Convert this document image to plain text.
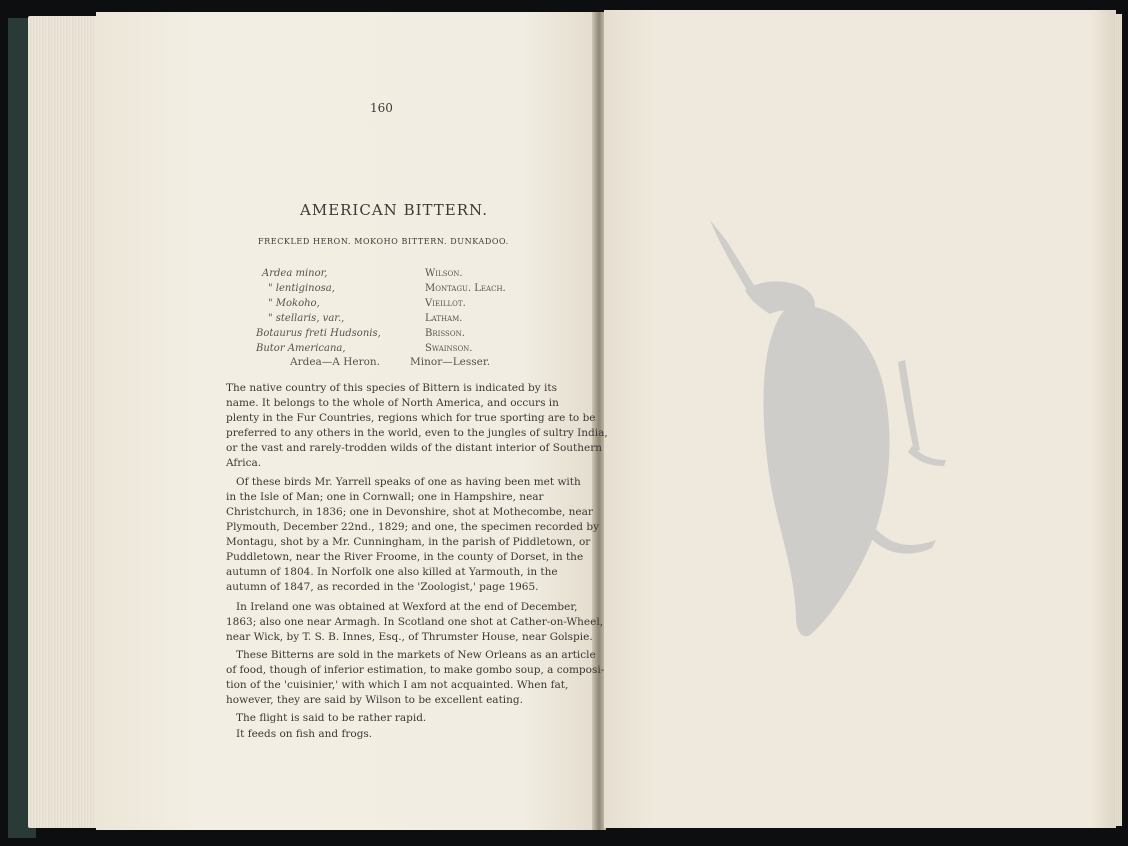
160
AMERICAN BITTERN.
FRECKLED HERON. MOKOHO BITTERN. DUNKADOO.
Ardea minor,	Wilson.
" lentiginosa,	Montagu. Leach.
" Mokoho,	Vieillot.
" stellaris, var.,	Latham.
Botaurus freti Hudsonis,	Brisson.
Butor Americana,	Swainson.
Ardea—A Heron.	Minor—Lesser.
The native country of this species of Bittern is indicated by its
name. It belongs to the whole of North America, and occurs in
plenty in the Fur Countries, regions which for true sporting are to be
preferred to any others in the world, even to the jungles of sultry India,
or the vast and rarely-trodden wilds of the distant interior of Southern
Africa.
Of these birds Mr. Yarrell speaks of one as having been met with
in the Isle of Man; one in Cornwall; one in Hampshire, near
Christchurch, in 1836; one in Devonshire, shot at Mothecombe, near
Plymouth, December 22nd., 1829; and one, the specimen recorded by
Montagu, shot by a Mr. Cunningham, in the parish of Piddletown, or
Puddletown, near the River Froome, in the county of Dorset, in the
autumn of 1804. In Norfolk one also killed at Yarmouth, in the
autumn of 1847, as recorded in the 'Zoologist,' page 1965.
In Ireland one was obtained at Wexford at the end of December,
1863; also one near Armagh. In Scotland one shot at Cather-on-Wheel,
near Wick, by T. S. B. Innes, Esq., of Thrumster House, near Golspie.
These Bitterns are sold in the markets of New Orleans as an article
of food, though of inferior estimation, to make gombo soup, a composi-
tion of the 'cuisinier,' with which I am not acquainted. When fat,
however, they are said by Wilson to be excellent eating.
The flight is said to be rather rapid.
It feeds on fish and frogs.
